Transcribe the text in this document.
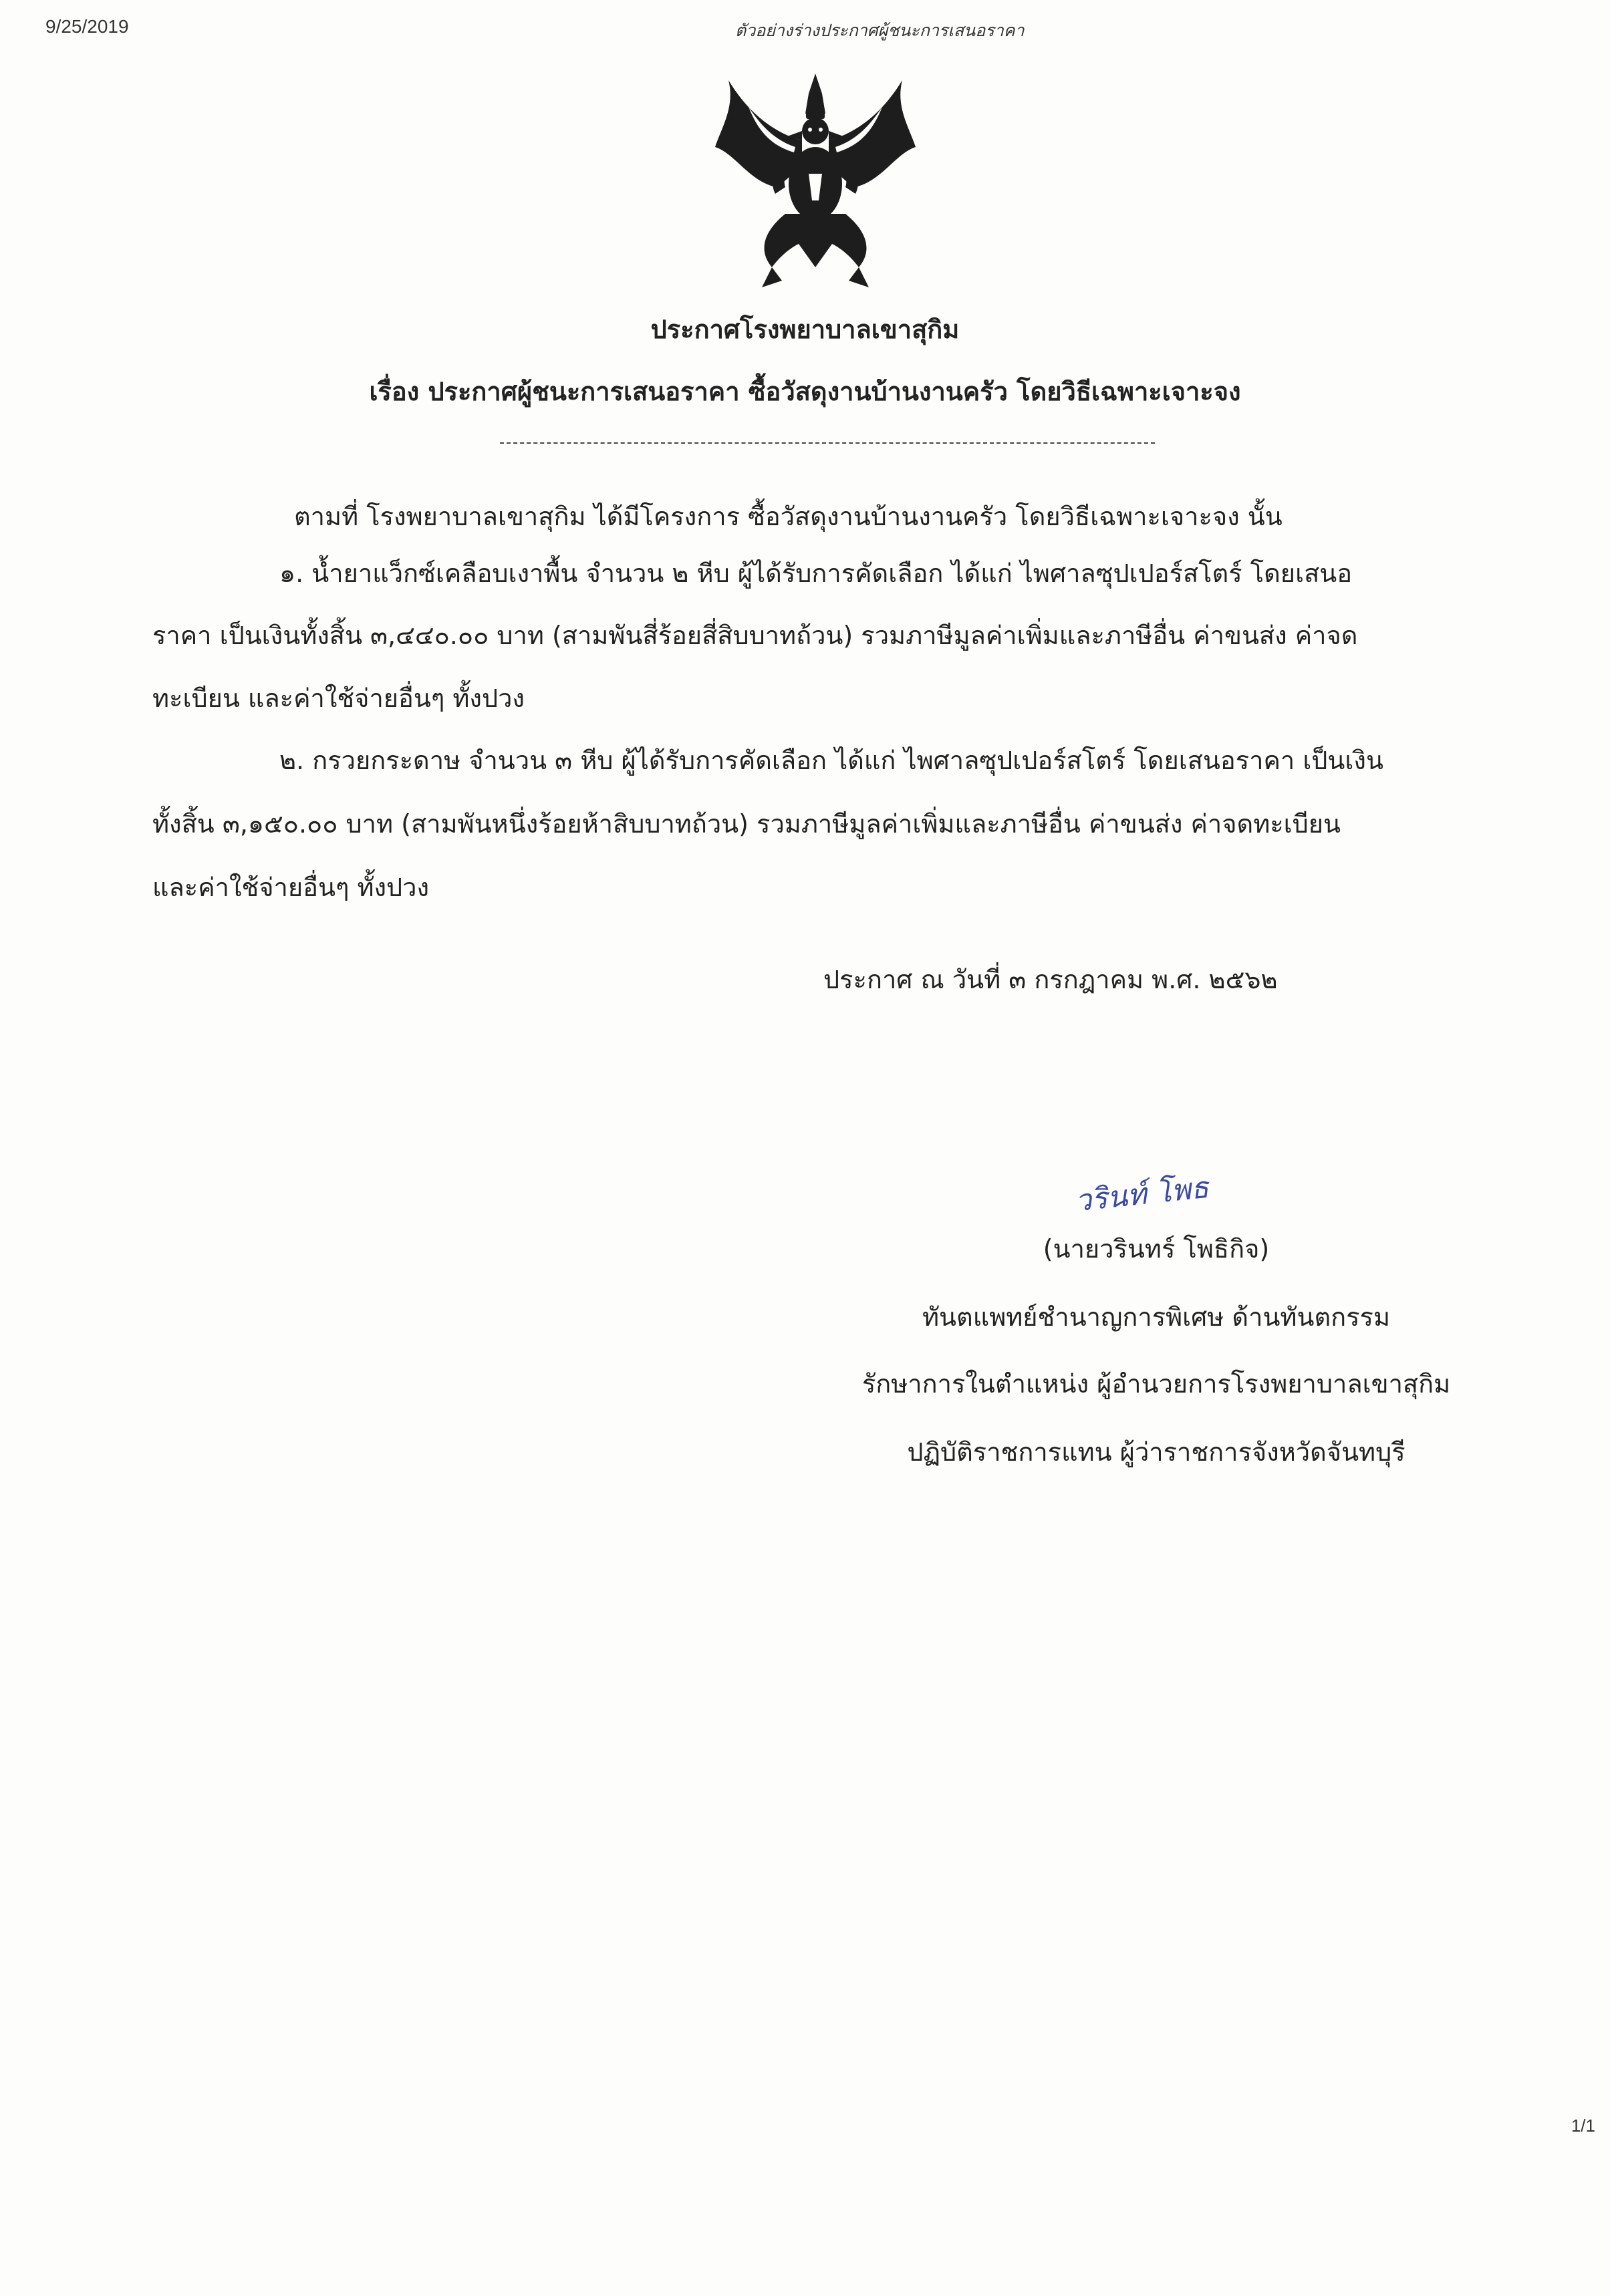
9/25/2019	ตัวอย่างร่างประกาศผู้ชนะการเสนอราคา
ประกาศโรงพยาบาลเขาสุกิม
เรื่อง ประกาศผู้ชนะการเสนอราคา ซื้อวัสดุงานบ้านงานครัว โดยวิธีเฉพาะเจาะจง
ตามที่ โรงพยาบาลเขาสุกิม ได้มีโครงการ ซื้อวัสดุงานบ้านงานครัว โดยวิธีเฉพาะเจาะจง นั้น
๑. น้ำยาแว็กซ์เคลือบเงาพื้น จำนวน ๒ หีบ ผู้ได้รับการคัดเลือก ได้แก่ ไพศาลซุปเปอร์สโตร์ โดยเสนอ
ราคา เป็นเงินทั้งสิ้น ๓,๔๔๐.๐๐ บาท (สามพันสี่ร้อยสี่สิบบาทถ้วน) รวมภาษีมูลค่าเพิ่มและภาษีอื่น ค่าขนส่ง ค่าจด
ทะเบียน และค่าใช้จ่ายอื่นๆ ทั้งปวง
๒. กรวยกระดาษ จำนวน ๓ หีบ ผู้ได้รับการคัดเลือก ได้แก่ ไพศาลซุปเปอร์สโตร์ โดยเสนอราคา เป็นเงิน
ทั้งสิ้น ๓,๑๕๐.๐๐ บาท (สามพันหนึ่งร้อยห้าสิบบาทถ้วน) รวมภาษีมูลค่าเพิ่มและภาษีอื่น ค่าขนส่ง ค่าจดทะเบียน
และค่าใช้จ่ายอื่นๆ ทั้งปวง
ประกาศ ณ วันที่ ๓ กรกฎาคม พ.ศ. ๒๕๖๒
วรินท์ โพธ
(นายวรินทร์ โพธิกิจ)
ทันตแพทย์ชำนาญการพิเศษ ด้านทันตกรรม
รักษาการในตำแหน่ง ผู้อำนวยการโรงพยาบาลเขาสุกิม
ปฏิบัติราชการแทน ผู้ว่าราชการจังหวัดจันทบุรี
1/1
